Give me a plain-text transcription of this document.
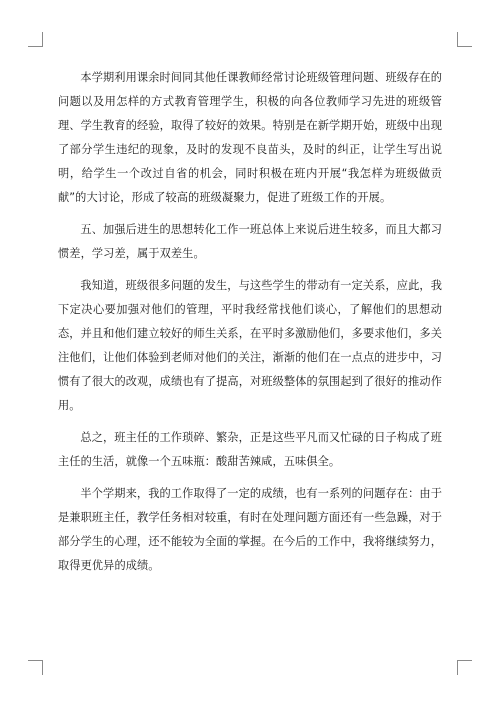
本学期利用课余时间同其他任课教师经常讨论班级管理问题、班级存在的问题以及用怎样的方式教育管理学生，积极的向各位教师学习先进的班级管理、学生教育的经验，取得了较好的效果。特别是在新学期开始，班级中出现了部分学生违纪的现象，及时的发现不良苗头，及时的纠正，让学生写出说明，给学生一个改过自省的机会，同时积极在班内开展“我怎样为班级做贡献”的大讨论，形成了较高的班级凝聚力，促进了班级工作的开展。

五、加强后进生的思想转化工作一班总体上来说后进生较多，而且大都习惯差，学习差，属于双差生。

我知道，班级很多问题的发生，与这些学生的带动有一定关系，应此，我下定决心要加强对他们的管理，平时我经常找他们谈心，了解他们的思想动态，并且和他们建立较好的师生关系，在平时多激励他们，多要求他们，多关注他们，让他们体验到老师对他们的关注，渐渐的他们在一点点的进步中，习惯有了很大的改观，成绩也有了提高，对班级整体的氛围起到了很好的推动作用。

总之，班主任的工作琐碎、繁杂，正是这些平凡而又忙碌的日子构成了班主任的生活，就像一个五味瓶：酸甜苦辣咸，五味俱全。

半个学期来，我的工作取得了一定的成绩，也有一系列的问题存在：由于是兼职班主任，教学任务相对较重，有时在处理问题方面还有一些急躁，对于部分学生的心理，还不能较为全面的掌握。在今后的工作中，我将继续努力，取得更优异的成绩。
